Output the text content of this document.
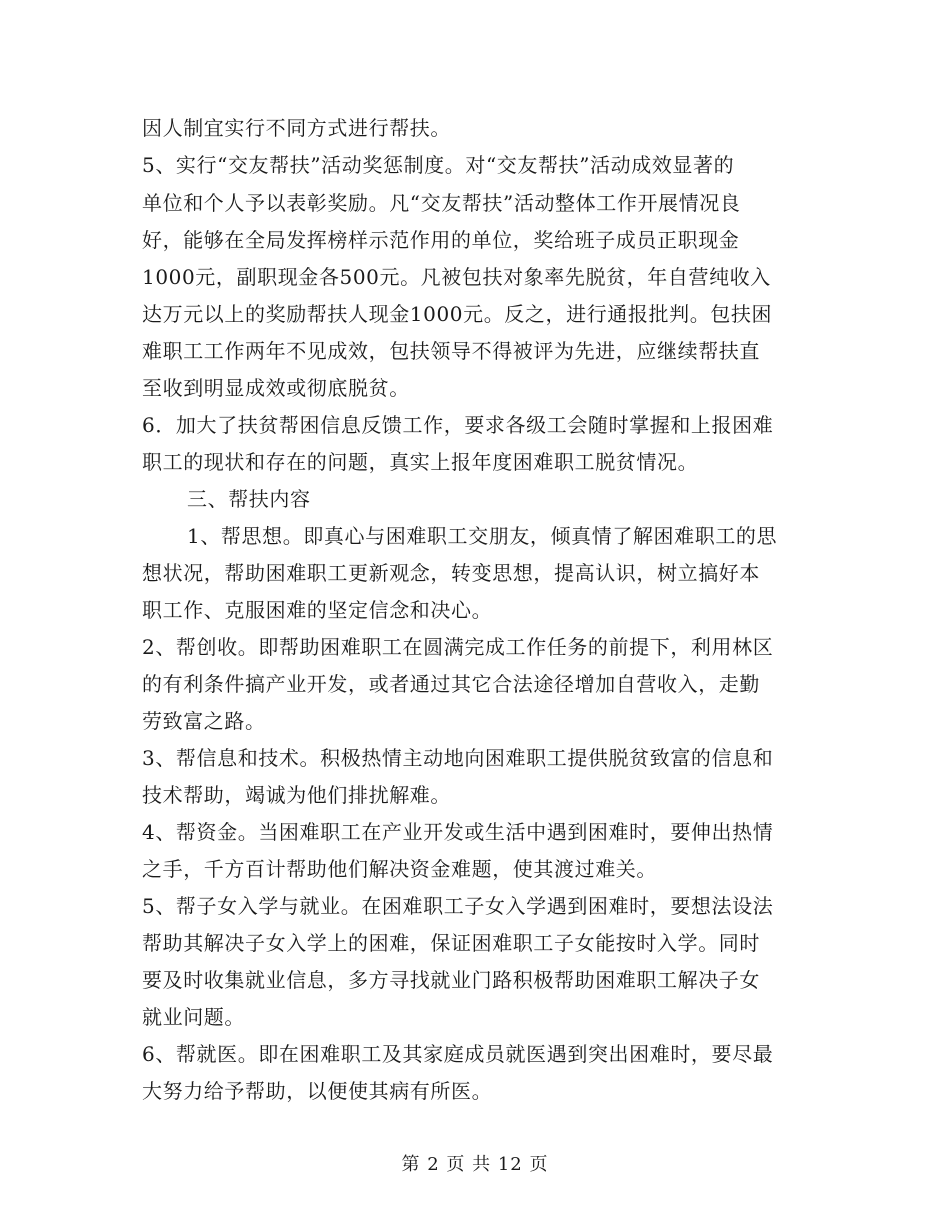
因人制宜实行不同方式进行帮扶。
5、实行“交友帮扶”活动奖惩制度。对“交友帮扶”活动成效显著的
单位和个人予以表彰奖励。凡“交友帮扶”活动整体工作开展情况良
好，能够在全局发挥榜样示范作用的单位，奖给班子成员正职现金
1000元，副职现金各500元。凡被包扶对象率先脱贫，年自营纯收入
达万元以上的奖励帮扶人现金1000元。反之，进行通报批判。包扶困
难职工工作两年不见成效，包扶领导不得被评为先进，应继续帮扶直
至收到明显成效或彻底脱贫。
6．加大了扶贫帮困信息反馈工作，要求各级工会随时掌握和上报困难
职工的现状和存在的问题，真实上报年度困难职工脱贫情况。
三、帮扶内容
1、帮思想。即真心与困难职工交朋友，倾真情了解困难职工的思
想状况，帮助困难职工更新观念，转变思想，提高认识，树立搞好本
职工作、克服困难的坚定信念和决心。
2、帮创收。即帮助困难职工在圆满完成工作任务的前提下，利用林区
的有利条件搞产业开发，或者通过其它合法途径增加自营收入，走勤
劳致富之路。
3、帮信息和技术。积极热情主动地向困难职工提供脱贫致富的信息和
技术帮助，竭诚为他们排扰解难。
4、帮资金。当困难职工在产业开发或生活中遇到困难时，要伸出热情
之手，千方百计帮助他们解决资金难题，使其渡过难关。
5、帮子女入学与就业。在困难职工子女入学遇到困难时，要想法设法
帮助其解决子女入学上的困难，保证困难职工子女能按时入学。同时
要及时收集就业信息，多方寻找就业门路积极帮助困难职工解决子女
就业问题。
6、帮就医。即在困难职工及其家庭成员就医遇到突出困难时，要尽最
大努力给予帮助，以便使其病有所医。
第 2 页 共 12 页
